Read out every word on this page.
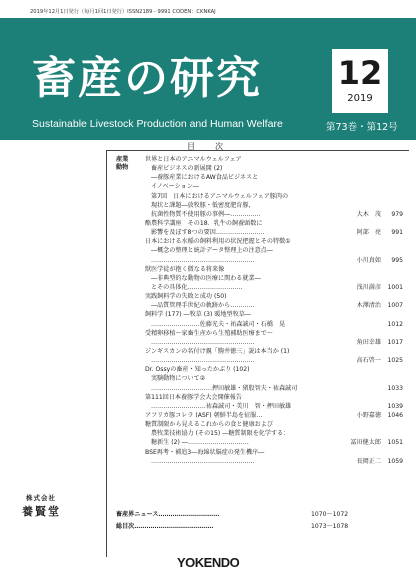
2019年12月1日発行（毎月1回1日発行）ISSN2189－9991 CODEN：CKNKAJ
畜産の研究 12
2019
Sustainable Livestock Production and Human Welfare	第73巻・第12号
目　次
産業
動物
世界と日本のアニマルウェルフェア
畜産ビジネスの新展開 (2)
―養豚産業におけるAW食品ビジネスと
イノベーション―
第7回　日本におけるアニマルウェルフェア豚肉の
現状と課題―放牧豚・低密度肥育豚，
抗菌性物質不使用豚の事例―……………	大木　茂 979
酪農科学講座　その18．乳牛の飼養頭数に
影響を及ぼす8つの要因……………………	阿部　亮 991
日本における水稲の飼料利用の状況把握とその特徴①
―概念の整理と統計データ整理上の注意点―
……………………………………………	小川真如 995
獣医学徒が抱く微なる将来像
―非典型的な動物の医療に関わる就業―
とその具体化………………………	浅川満彦 1001
実践飼料学の失敗と成功 (50)
―品質管理手世紀の軌跡から…………	木澤清治 1007
飼料学 (177) ―牧草 (3) 暖地型牧草―
……………………佐藤光夫・祐森誠司・石橋　晃	1012
受精卵移植～家畜生産から生殖補助医療まで～
……………………………………………	角田幸雄 1017
ジンギスカンの名付け親「駒井徳三」説は本当か (1)
……………………………………………	高石啓一 1025
Dr. Ossyの畜産・知ったかぶり (102)
実験動物について②
…………………………押田敏雄・猪股智夫・祐森誠司	1033
第111回日本養豚学会大会開催報告
………………………祐森誠司・美川　智・押田敏雄	1039
アフリカ豚コレラ (ASF) 朝鮮半島を征服…	小野嘉徳 1046
糖質制限から見えるこれからの食と健康および
農牧業技術協力 (その15) ―糖質制限を化学する：
糖新生 (2) ―…………………………	冨田健太郎 1051
BSE再考・補追3―海綿状脳症の発生機序―
……………………………………………	長岡正二 1059
畜産界ニュース…………………………	1070～1072
総目次…………………………………	1073～1078
株式会社
養賢堂
YOKENDO
